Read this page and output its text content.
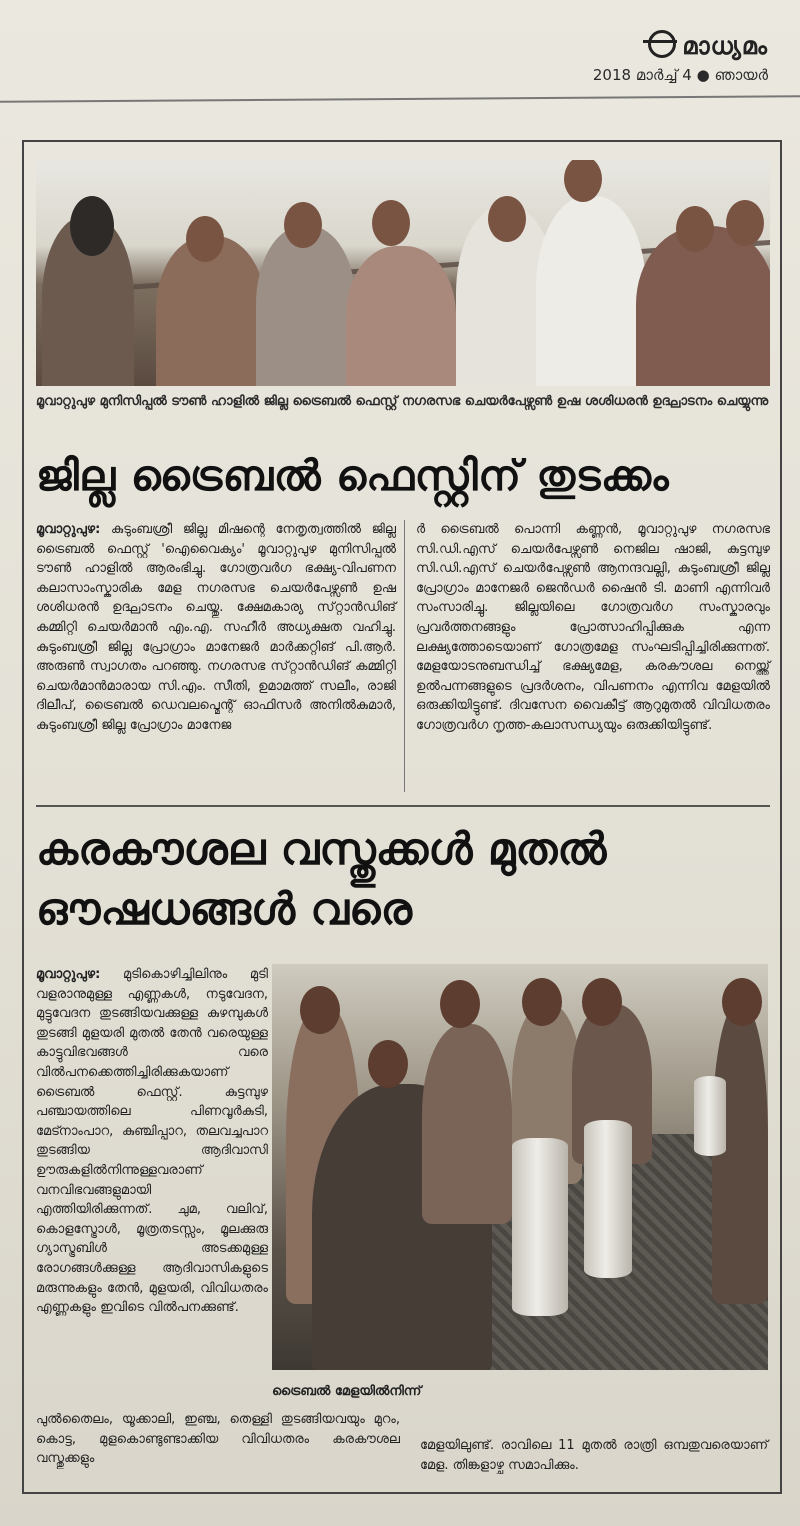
മാധ്യമം
2018 മാർച്ച് 4 ● ഞായർ
മൂവാറ്റുപുഴ മുനിസിപ്പൽ ടൗൺ ഹാളിൽ ജില്ല ട്രൈബൽ ഫെസ്റ്റ് നഗരസഭ ചെയർപേഴ്സൺ ഉഷ ശശിധരൻ ഉദ്ഘാടനം ചെയ്യുന്നു
ജില്ല ട്രൈബൽ ഫെസ്റ്റിന് തുടക്കം
മൂവാറ്റുപുഴ: കുടുംബശ്രീ ജില്ല മിഷ​ന്റെ നേതൃത്വത്തിൽ ജില്ല ട്രൈബൽ ഫെസ്റ്റ് 'ഐവൈ​ക്യം' മൂവാറ്റുപുഴ മുനിസിപ്പൽ ടൗൺ ഹാളിൽ ആരംഭിച്ചു. ഗോത്രവർഗ ഭക്ഷ്യ-വിപണന കലാസാംസ്കാരിക മേള നഗരസഭ ചെയർപേഴ്സൺ ഉഷ ശശിധരൻ ഉദ്ഘാടനം ചെയ്തു. ക്ഷേമകാര്യ സ്​റ്റാൻഡിങ് കമ്മിറ്റി ചെയർമാൻ എം.എ. സഹീർ അധ്യക്ഷത വഹിച്ചു. കുടുംബശ്രീ ജില്ല പ്രോഗ്രാം മാനേജർ മാർക്കറ്റിങ് പി.ആർ. അരുൺ സ്വാഗതം പറഞ്ഞു. നഗരസഭ സ്​റ്റാൻഡിങ് കമ്മിറ്റി ചെയർമാൻമാരായ സി.എം. സീതി, ഉമാമത്ത് സലീം, രാജി ദിലീപ്, ട്രൈബൽ ഡെവലപ്മെന്റ് ഓഫിസർ അനിൽകുമാർ, കുടുംബശ്രീ ജില്ല പ്രോഗ്രാം മാനേജ
ർ ട്രൈബൽ പൊന്നി കണ്ണൻ, മൂവാറ്റുപുഴ നഗരസഭ സി.ഡി.എസ് ചെയർപേഴ്സൺ നെജില ഷാജി, കുട്ടമ്പുഴ സി.ഡി.എസ് ചെയർപേഴ്സൺ ആനന്ദവല്ലി, കുടുംബശ്രീ ജില്ല പ്രോഗ്രാം മാനേജർ ജെൻഡർ ഷൈൻ ടി. മാണി എന്നിവർ സംസാരിച്ചു. ജില്ലയിലെ ഗോത്രവർഗ സംസ്കാരവും പ്രവർത്തനങ്ങളും പ്രോത്സാഹിപ്പിക്കുക എന്ന ലക്ഷ്യത്തോടെയാണ് ഗോത്രമേള സംഘടിപ്പിച്ചിരിക്കുന്നത്. മേളയോടനുബന്ധിച്ച് ഭക്ഷ്യമേള, കരകൗശല നെയ്ത്ത് ഉൽപന്നങ്ങളുടെ പ്രദർശനം, വിപണനം എന്നിവ മേളയിൽ ഒരുക്കിയിട്ടുണ്ട്. ദിവസേന വൈകീട്ട് ആറുമുതൽ വിവിധതരം ഗോത്രവർഗ നൃത്ത-കലാസന്ധ്യയും ഒരുക്കിയിട്ടുണ്ട്.
കരകൗശല വസ്തുക്കൾ മുതൽ ഔഷധങ്ങൾ വരെ
മൂവാറ്റുപുഴ: മുടികൊഴിച്ചിലിനും മുടി വളരാനുമുള്ള എണ്ണകൾ, നടുവേദന, മുട്ടുവേദന തുടങ്ങിയവക്കുള്ള കുഴമ്പുകൾ തുടങ്ങി മുളയരി മുതൽ തേൻ വരെയുള്ള കാട്ടുവിഭവങ്ങൾ വരെ വിൽപനക്കെത്തിച്ചിരിക്കുകയാണ് ട്രൈബൽ ഫെസ്റ്റ്. കുട്ടമ്പുഴ പഞ്ചായത്തിലെ പിണവൂർകുടി, മേട്നാംപാറ, കുഞ്ചിപ്പാറ, തലവച്ചപാറ തുടങ്ങിയ ആദിവാസി ഊരുകളിൽനിന്നുള്ളവരാണ് വനവിഭവങ്ങളുമായി എത്തിയിരിക്കുന്നത്. ചുമ, വലിവ്, കൊളസ്ട്രോൾ, മൂത്രതടസ്സം, മൂലക്കുരു ഗ്യാസ്ട്രബിൾ അടക്കമുള്ള രോഗങ്ങൾക്കുള്ള ആദിവാസികളുടെ മരുന്നുകളും തേൻ, മുളയരി, വിവിധതരം എണ്ണകളും ഇവിടെ വിൽപനക്കുണ്ട്.
ട്രൈബൽ മേളയിൽനിന്ന്
പുൽതൈലം, യൂക്കാലി, ഇഞ്ച, തെള്ളി തുടങ്ങിയവയും മുറം, കൊട്ട, മുളകൊണ്ടുണ്ടാക്കിയ വിവിധതരം കരകൗശല വസ്തുക്കളും
മേളയിലുണ്ട്. രാവിലെ 11 മുതൽ രാത്രി ഒമ്പതുവരെയാണ് മേള. തിങ്കളാഴ്ച സമാപിക്കും.
